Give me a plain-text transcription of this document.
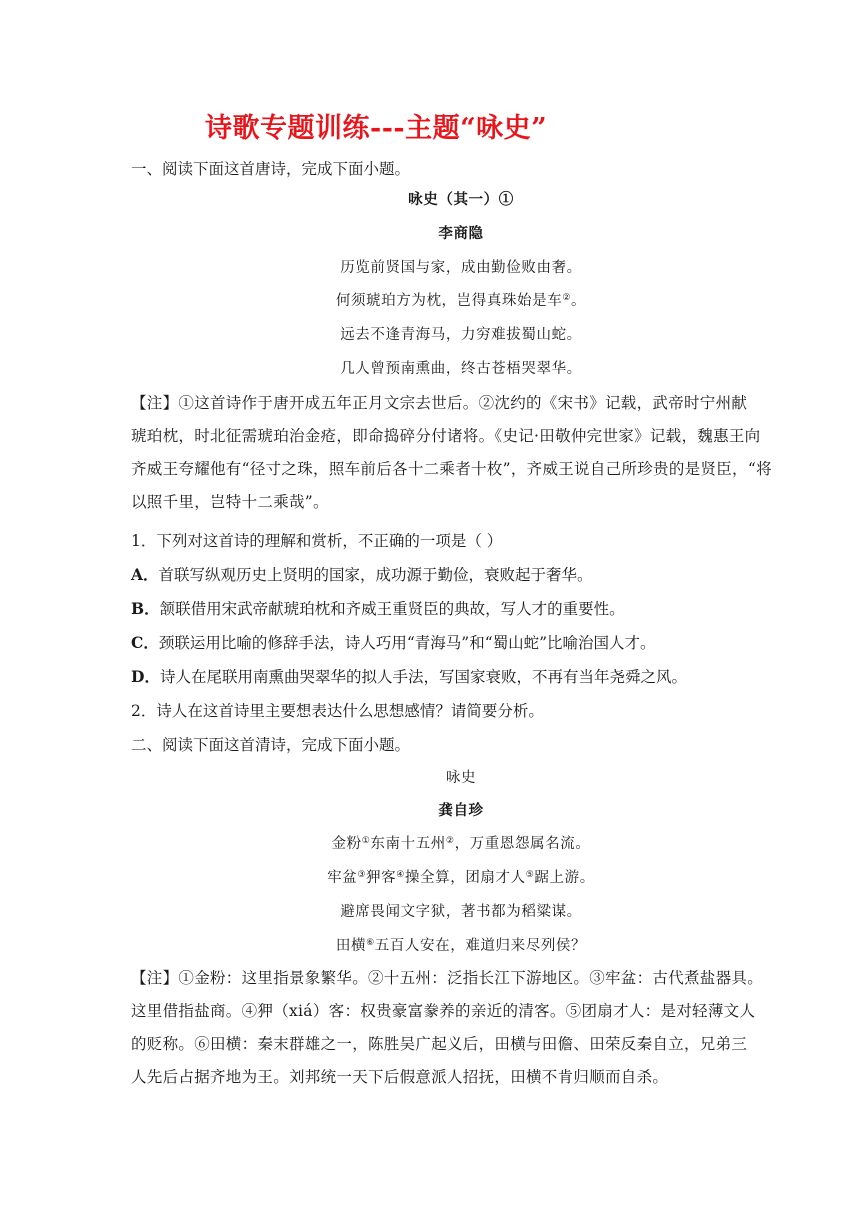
诗歌专题训练---主题“咏史”
一、阅读下面这首唐诗，完成下面小题。
咏史（其一）①
李商隐
历览前贤国与家，成由勤俭败由奢。
何须琥珀方为枕，岂得真珠始是车②。
远去不逢青海马，力穷难拔蜀山蛇。
几人曾预南熏曲，终古苍梧哭翠华。
【注】①这首诗作于唐开成五年正月文宗去世后。②沈约的《宋书》记载，武帝时宁州献
琥珀枕，时北征需琥珀治金疮，即命捣碎分付诸将。《史记·田敬仲完世家》记载，魏惠王向
齐威王夸耀他有“径寸之珠，照车前后各十二乘者十枚”，齐威王说自己所珍贵的是贤臣，“将
以照千里，岂特十二乘哉”。
1．下列对这首诗的理解和赏析，不正确的一项是（ ）
A．首联写纵观历史上贤明的国家，成功源于勤俭，衰败起于奢华。
B．颔联借用宋武帝献琥珀枕和齐威王重贤臣的典故，写人才的重要性。
C．颈联运用比喻的修辞手法，诗人巧用“青海马”和“蜀山蛇”比喻治国人才。
D．诗人在尾联用南熏曲哭翠华的拟人手法，写国家衰败，不再有当年尧舜之风。
2．诗人在这首诗里主要想表达什么思想感情？请简要分析。
二、阅读下面这首清诗，完成下面小题。
咏史
龚自珍
金粉①东南十五州②，万重恩怨属名流。
牢盆③狎客④操全算，团扇才人⑤踞上游。
避席畏闻文字狱，著书都为稻粱谋。
田横⑥五百人安在，难道归来尽列侯？
【注】①金粉：这里指景象繁华。②十五州：泛指长江下游地区。③牢盆：古代煮盐器具。
这里借指盐商。④狎（xiá）客：权贵豪富豢养的亲近的清客。⑤团扇才人：是对轻薄文人
的贬称。⑥田横：秦末群雄之一，陈胜吴广起义后，田横与田儋、田荣反秦自立，兄弟三
人先后占据齐地为王。刘邦统一天下后假意派人招抚，田横不肯归顺而自杀。
